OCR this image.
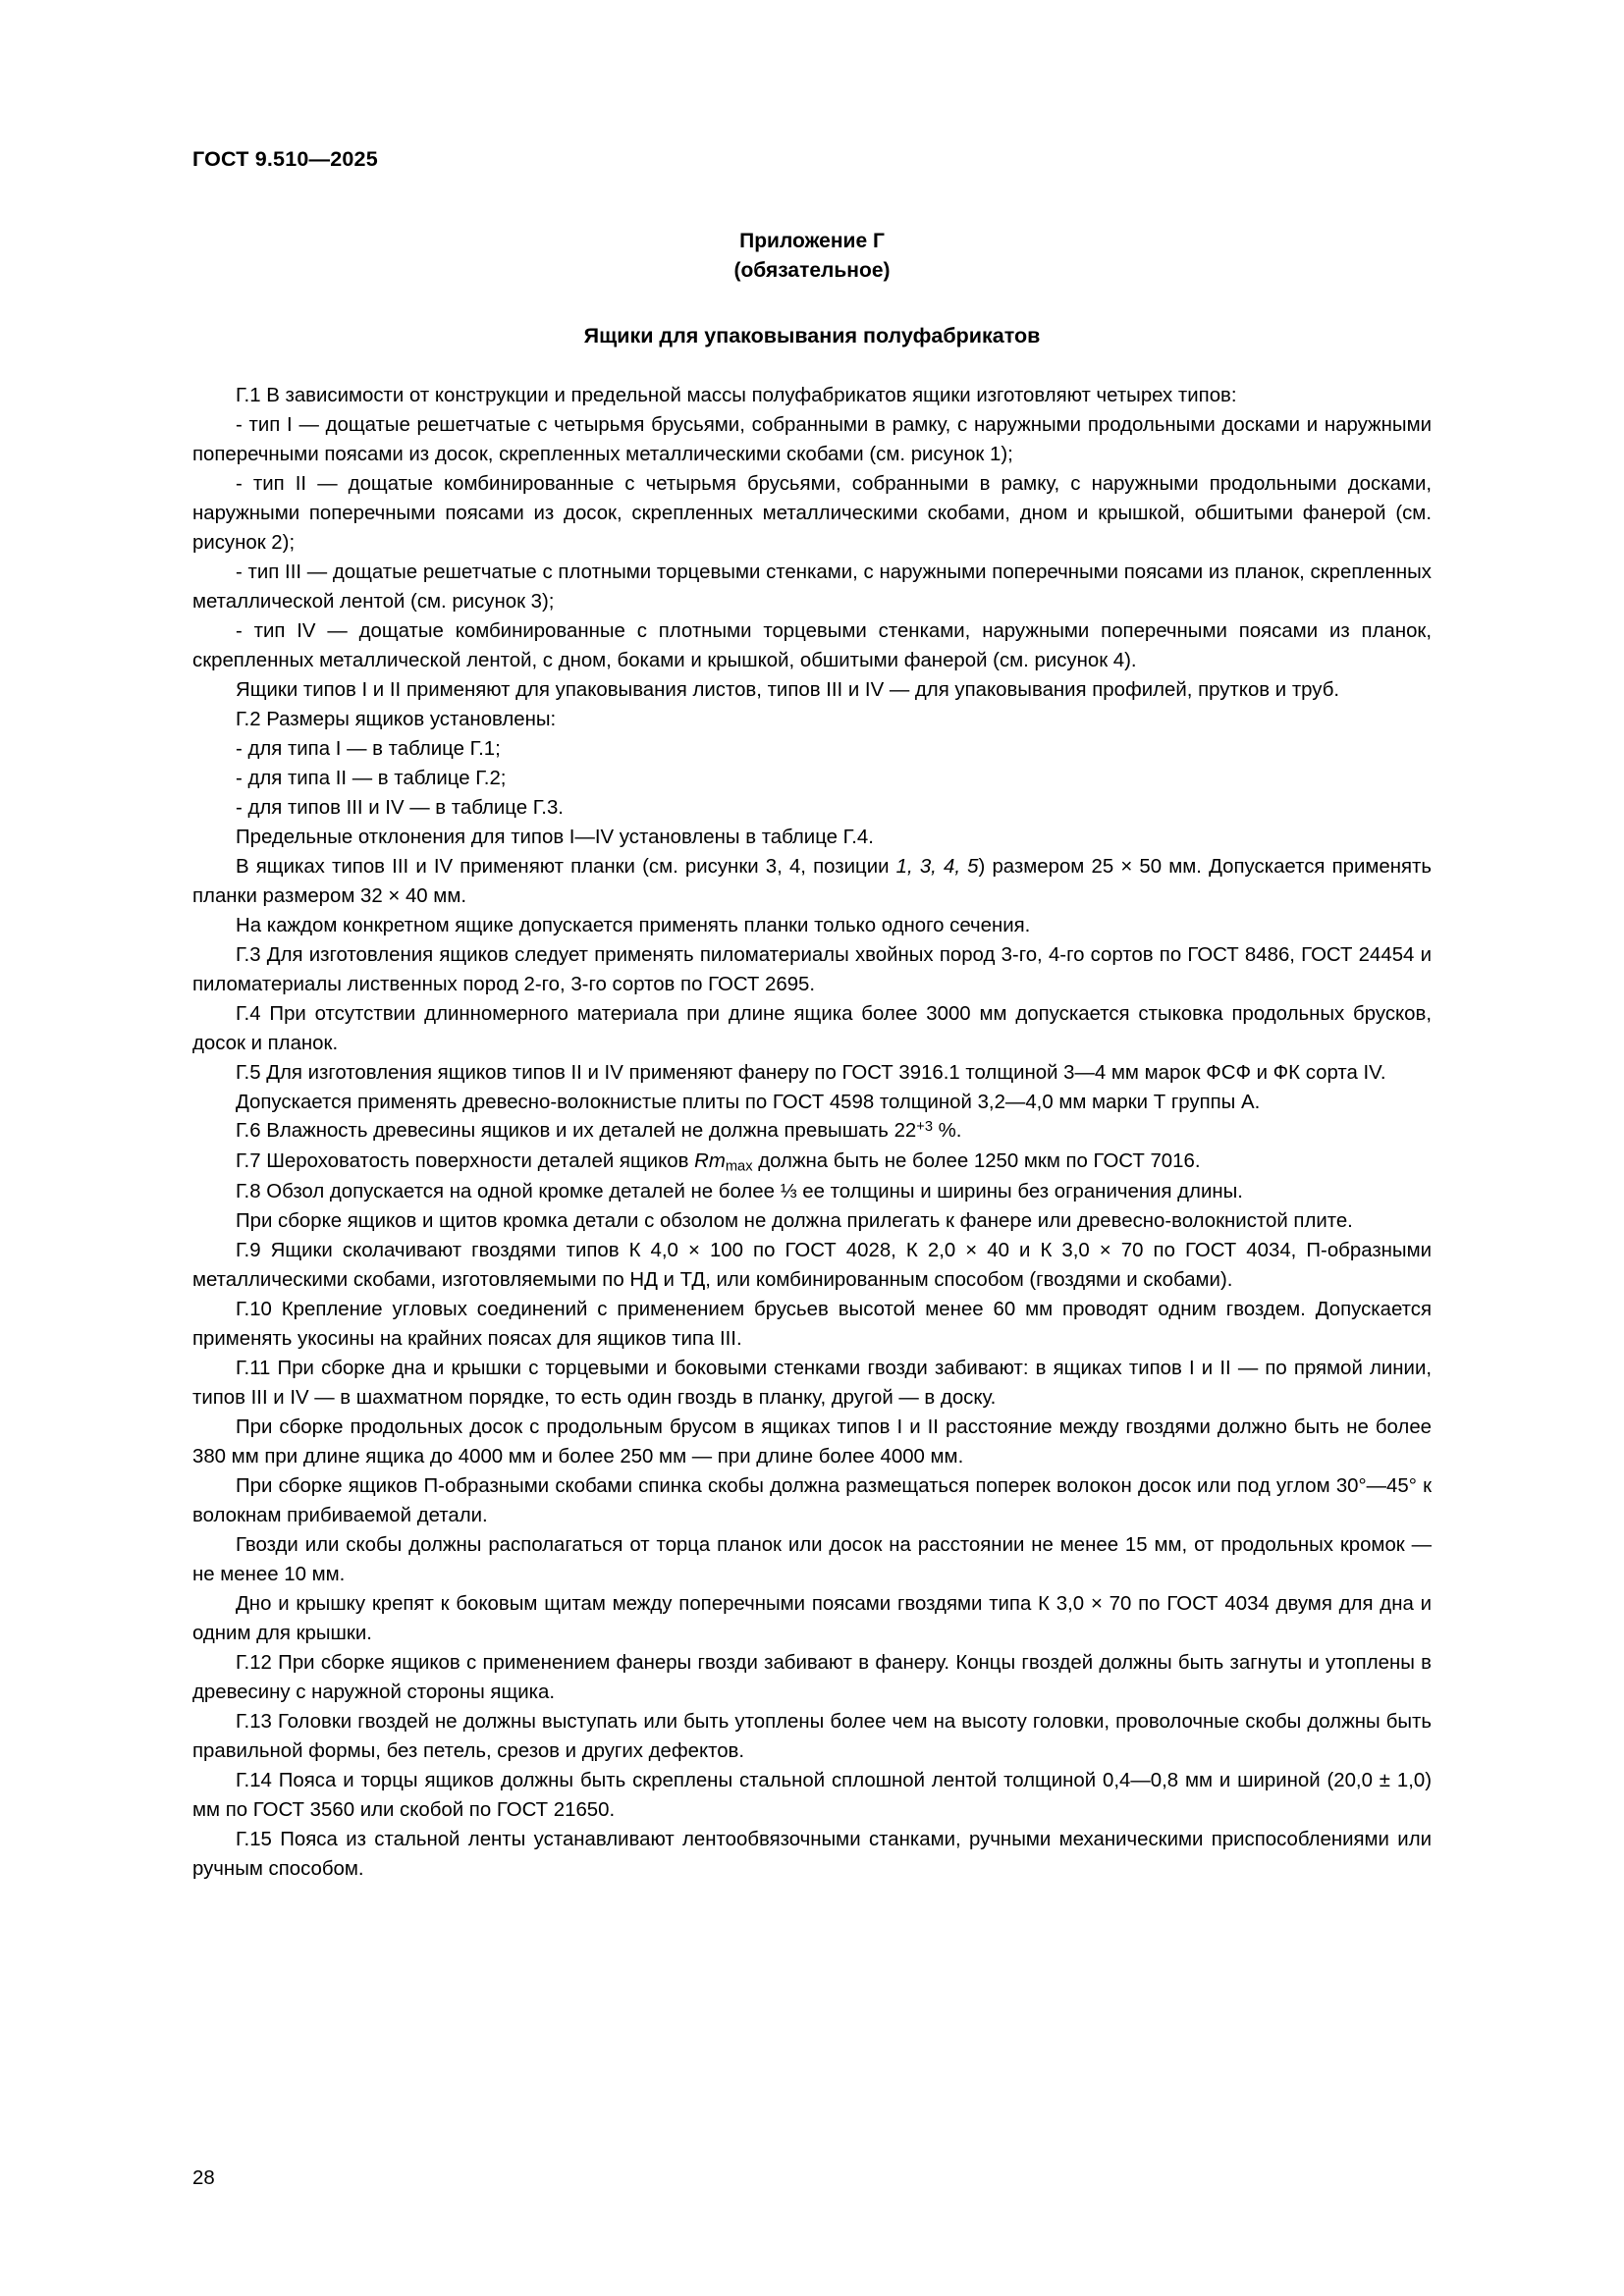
ГОСТ 9.510—2025
Приложение Г
(обязательное)
Ящики для упаковывания полуфабрикатов

Г.1 В зависимости от конструкции и предельной массы полуфабрикатов ящики изготовляют четырех типов:

- тип I — дощатые решетчатые с четырьмя брусьями, собранными в рамку, с наружными продольными досками и наружными поперечными поясами из досок, скрепленных металлическими скобами (см. рисунок 1);

- тип II — дощатые комбинированные с четырьмя брусьями, собранными в рамку, с наружными продольными досками, наружными поперечными поясами из досок, скрепленных металлическими скобами, дном и крышкой, обшитыми фанерой (см. рисунок 2);

- тип III — дощатые решетчатые с плотными торцевыми стенками, с наружными поперечными поясами из планок, скрепленных металлической лентой (см. рисунок 3);

- тип IV — дощатые комбинированные с плотными торцевыми стенками, наружными поперечными поясами из планок, скрепленных металлической лентой, с дном, боками и крышкой, обшитыми фанерой (см. рисунок 4).

Ящики типов I и II применяют для упаковывания листов, типов III и IV — для упаковывания профилей, прутков и труб.

Г.2 Размеры ящиков установлены:

- для типа I — в таблице Г.1;

- для типа II — в таблице Г.2;

- для типов III и IV — в таблице Г.3.

Предельные отклонения для типов I—IV установлены в таблице Г.4.

В ящиках типов III и IV применяют планки (см. рисунки 3, 4, позиции 1, 3, 4, 5) размером 25 × 50 мм. Допускается применять планки размером 32 × 40 мм.

На каждом конкретном ящике допускается применять планки только одного сечения.

Г.3 Для изготовления ящиков следует применять пиломатериалы хвойных пород 3-го, 4-го сортов по ГОСТ 8486, ГОСТ 24454 и пиломатериалы лиственных пород 2-го, 3-го сортов по ГОСТ 2695.

Г.4 При отсутствии длинномерного материала при длине ящика более 3000 мм допускается стыковка продольных брусков, досок и планок.

Г.5 Для изготовления ящиков типов II и IV применяют фанеру по ГОСТ 3916.1 толщиной 3—4 мм марок ФСФ и ФК сорта IV.

Допускается применять древесно-волокнистые плиты по ГОСТ 4598 толщиной 3,2—4,0 мм марки Т группы А.

Г.6 Влажность древесины ящиков и их деталей не должна превышать $22^{+3}$ %.

Г.7 Шероховатость поверхности деталей ящиков $Rm_{max}$ должна быть не более 1250 мкм по ГОСТ 7016.

Г.8 Обзол допускается на одной кромке деталей не более ⅓ ее толщины и ширины без ограничения длины.

При сборке ящиков и щитов кромка детали с обзолом не должна прилегать к фанере или древесно-волокнистой плите.

Г.9 Ящики сколачивают гвоздями типов К 4,0 × 100 по ГОСТ 4028, К 2,0 × 40 и К 3,0 × 70 по ГОСТ 4034, П-образными металлическими скобами, изготовляемыми по НД и ТД, или комбинированным способом (гвоздями и скобами).

Г.10 Крепление угловых соединений с применением брусьев высотой менее 60 мм проводят одним гвоздем. Допускается применять укосины на крайних поясах для ящиков типа III.

Г.11 При сборке дна и крышки с торцевыми и боковыми стенками гвозди забивают: в ящиках типов I и II — по прямой линии, типов III и IV — в шахматном порядке, то есть один гвоздь в планку, другой — в доску.

При сборке продольных досок с продольным брусом в ящиках типов I и II расстояние между гвоздями должно быть не более 380 мм при длине ящика до 4000 мм и более 250 мм — при длине более 4000 мм.

При сборке ящиков П-образными скобами спинка скобы должна размещаться поперек волокон досок или под углом 30°—45° к волокнам прибиваемой детали.

Гвозди или скобы должны располагаться от торца планок или досок на расстоянии не менее 15 мм, от продольных кромок — не менее 10 мм.

Дно и крышку крепят к боковым щитам между поперечными поясами гвоздями типа К 3,0 × 70 по ГОСТ 4034 двумя для дна и одним для крышки.

Г.12 При сборке ящиков с применением фанеры гвозди забивают в фанеру. Концы гвоздей должны быть загнуты и утоплены в древесину с наружной стороны ящика.

Г.13 Головки гвоздей не должны выступать или быть утоплены более чем на высоту головки, проволочные скобы должны быть правильной формы, без петель, срезов и других дефектов.

Г.14 Пояса и торцы ящиков должны быть скреплены стальной сплошной лентой толщиной 0,4—0,8 мм и шириной (20,0 ± 1,0) мм по ГОСТ 3560 или скобой по ГОСТ 21650.

Г.15 Пояса из стальной ленты устанавливают лентообвязочными станками, ручными механическими приспособлениями или ручным способом.

28
